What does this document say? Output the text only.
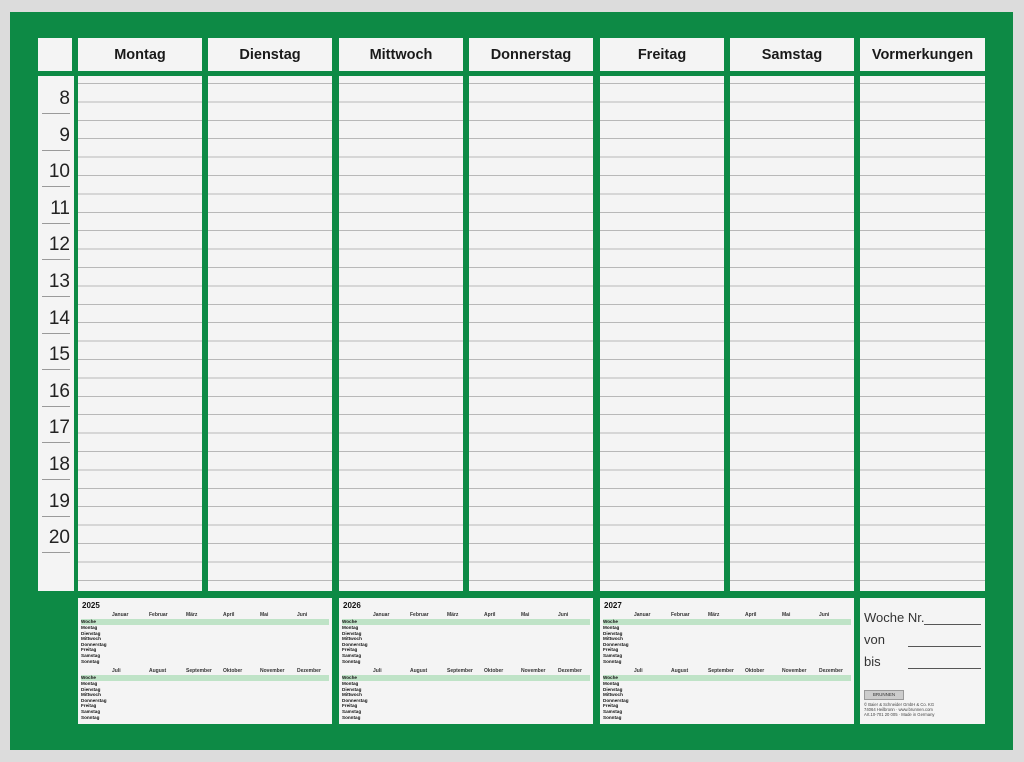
Montag	Dienstag	Mittwoch	Donnerstag	Freitag	Samstag	Vormerkungen
8
9
10
11
12
13
14
15
16
17
18
19
20
2025
Januar	Februar	März	April	Mai	Juni
Woche
Montag
Dienstag
Mittwoch
Donnerstag
Freitag
Samstag
Sonntag
Juli	August	September Oktober	November	Dezember
Woche
Montag
Dienstag
Mittwoch
Donnerstag
Freitag
Samstag
Sonntag
2026
Januar	Februar	März	April	Mai	Juni
Woche
Montag
Dienstag
Mittwoch
Donnerstag
Freitag
Samstag
Sonntag
Juli	August	September Oktober	November	Dezember
Woche
Montag
Dienstag
Mittwoch
Donnerstag
Freitag
Samstag
Sonntag
2027
Januar	Februar	März	April	Mai	Juni
Woche
Montag
Dienstag
Mittwoch
Donnerstag
Freitag
Samstag
Sonntag
Juli	August	September Oktober	November	Dezember
Woche
Montag
Dienstag
Mittwoch
Donnerstag
Freitag
Samstag
Sonntag
Woche Nr.
von
bis
BRUNNEN
© Baier & Schneider GmbH & Co. KG
74064 Heilbronn · www.brunnen.com
Art.10-701 20 005 · Made in Germany
